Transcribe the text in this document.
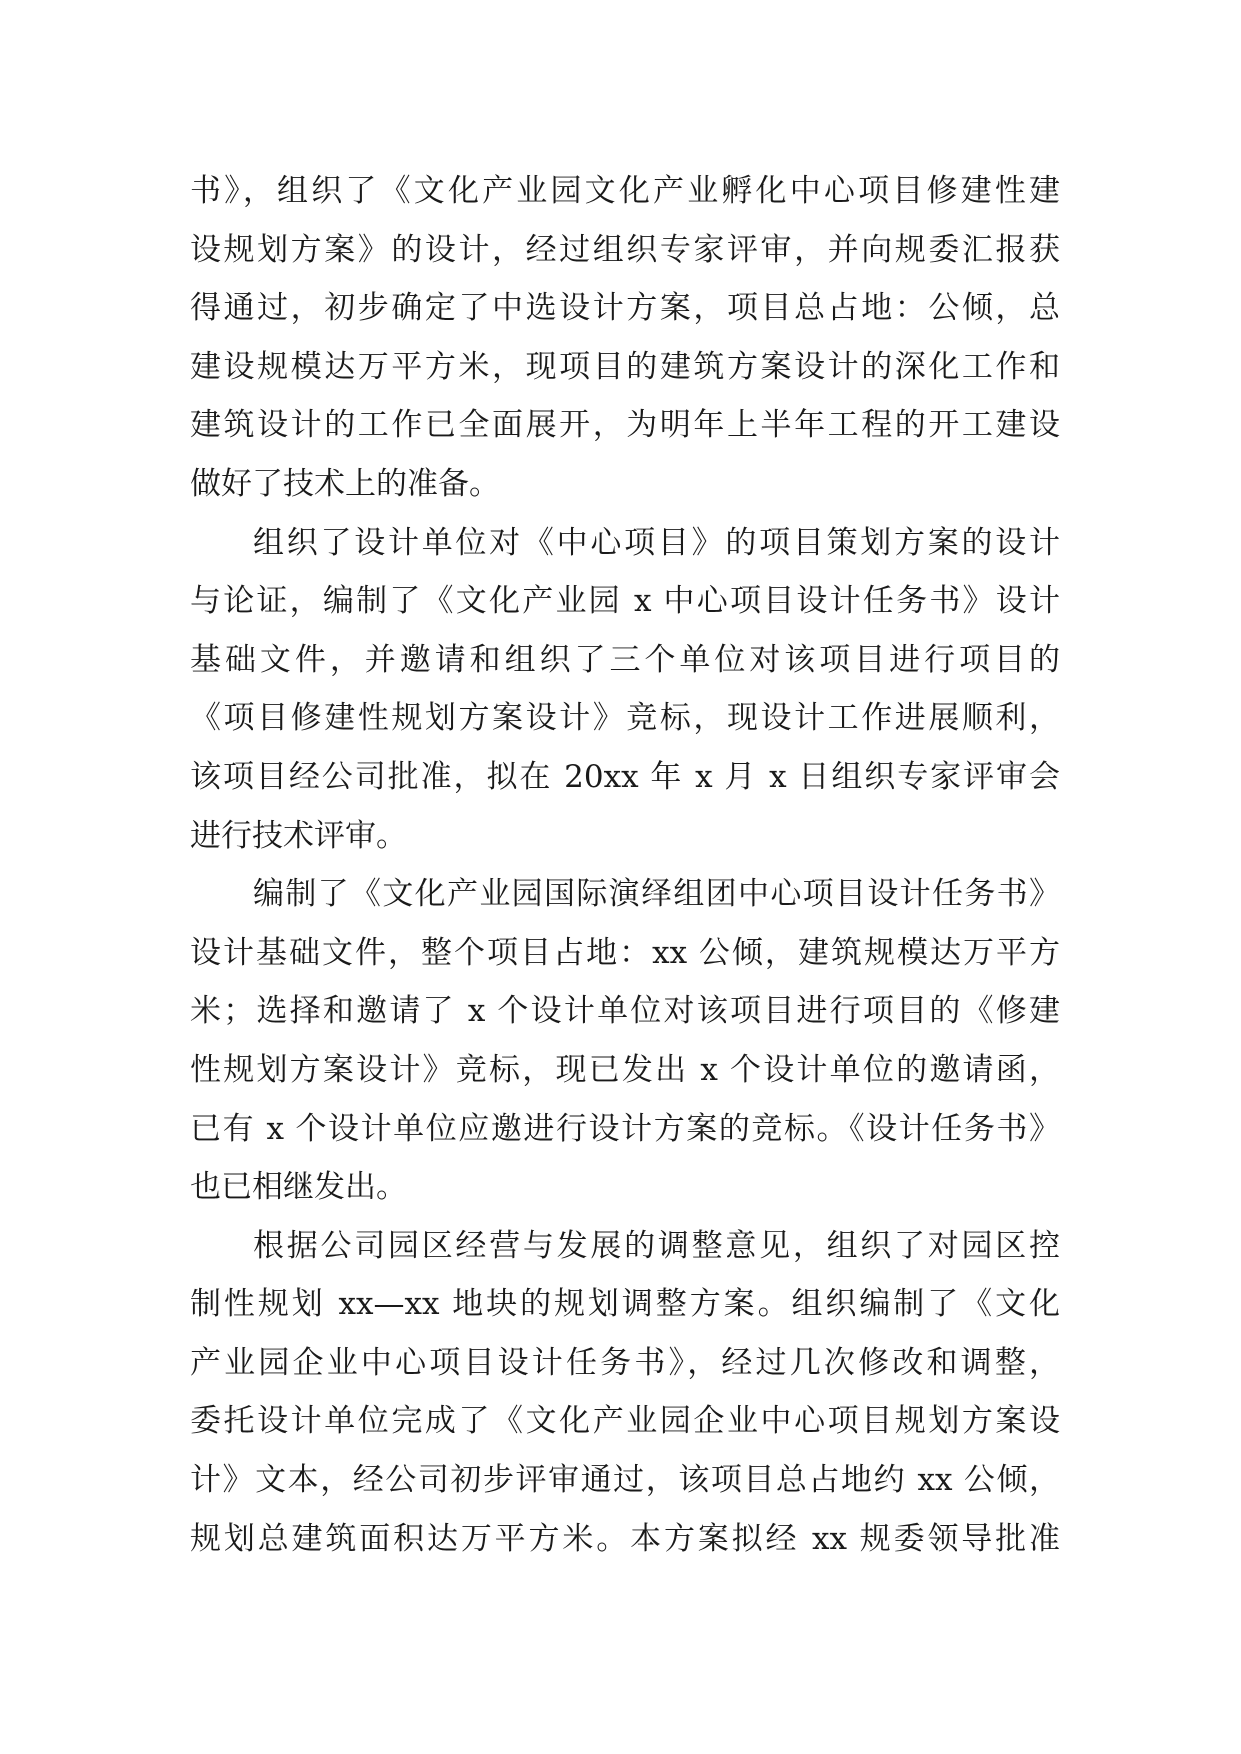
书》，组织了《文化产业园文化产业孵化中心项目修建性建
设规划方案》的设计，经过组织专家评审，并向规委汇报获
得通过，初步确定了中选设计方案，项目总占地：公倾，总
建设规模达万平方米，现项目的建筑方案设计的深化工作和
建筑设计的工作已全面展开，为明年上半年工程的开工建设
做好了技术上的准备。
组织了设计单位对《中心项目》的项目策划方案的设计
与论证，编制了《文化产业园 x 中心项目设计任务书》设计
基础文件，并邀请和组织了三个单位对该项目进行项目的
《项目修建性规划方案设计》竞标，现设计工作进展顺利，
该项目经公司批准，拟在 20xx 年 x 月 x 日组织专家评审会
进行技术评审。
编制了《文化产业园国际演绎组团中心项目设计任务书》
设计基础文件，整个项目占地：xx 公倾，建筑规模达万平方
米；选择和邀请了 x 个设计单位对该项目进行项目的《修建
性规划方案设计》竞标，现已发出 x 个设计单位的邀请函，
已有 x 个设计单位应邀进行设计方案的竞标。《设计任务书》
也已相继发出。
根据公司园区经营与发展的调整意见，组织了对园区控
制性规划 xx—xx 地块的规划调整方案。组织编制了《文化
产业园企业中心项目设计任务书》，经过几次修改和调整，
委托设计单位完成了《文化产业园企业中心项目规划方案设
计》文本，经公司初步评审通过，该项目总占地约 xx 公倾，
规划总建筑面积达万平方米。本方案拟经 xx 规委领导批准
